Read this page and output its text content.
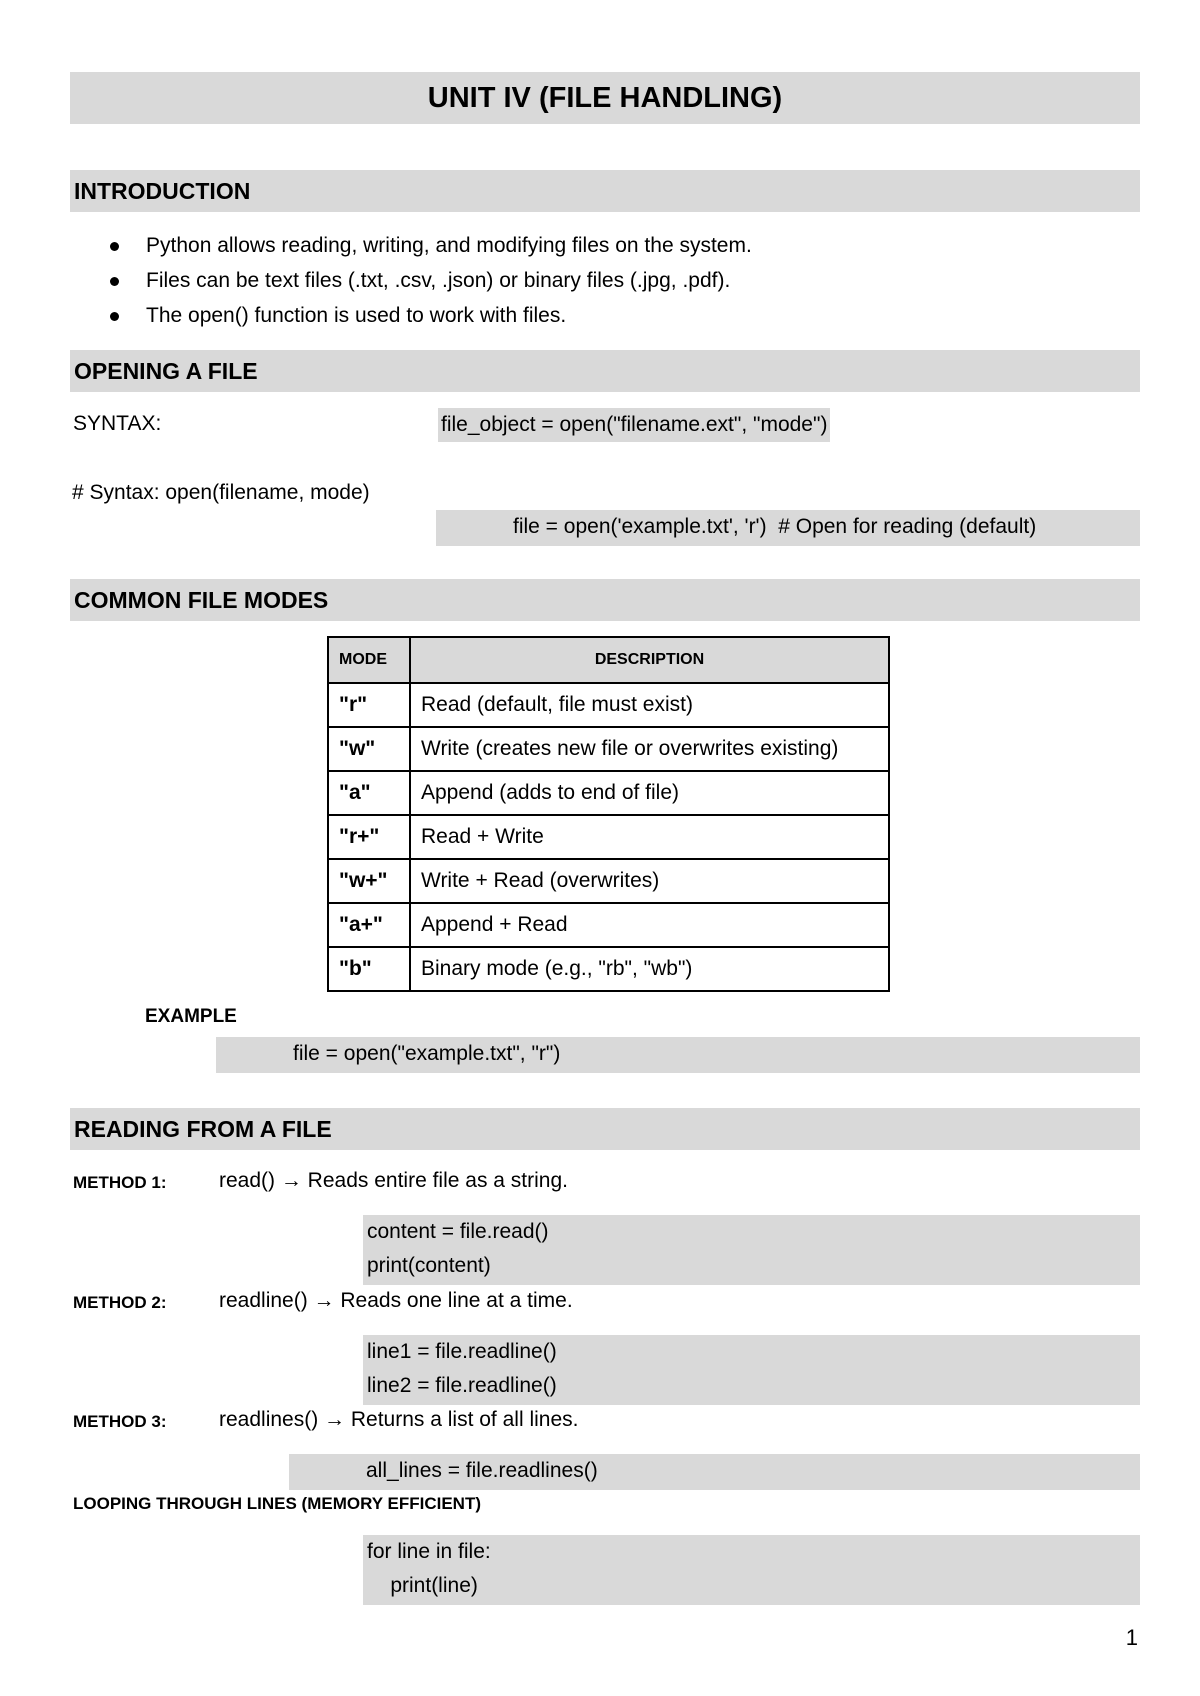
UNIT IV (FILE HANDLING)
INTRODUCTION
Python allows reading, writing, and modifying files on the system.
Files can be text files (.txt, .csv, .json) or binary files (.jpg, .pdf).
The open() function is used to work with files.
OPENING A FILE
SYNTAX:	file_object = open("filename.ext", "mode")
# Syntax: open(filename, mode)
file = open('example.txt', 'r')  # Open for reading (default)
COMMON FILE MODES
MODE	DESCRIPTION
"r"	Read (default, file must exist)
"w"	Write (creates new file or overwrites existing)
"a"	Append (adds to end of file)
"r+"	Read + Write
"w+"	Write + Read (overwrites)
"a+"	Append + Read
"b"	Binary mode (e.g., "rb", "wb")
EXAMPLE
file = open("example.txt", "r")
READING FROM A FILE
METHOD 1:	read() → Reads entire file as a string.
content = file.read()
print(content)
METHOD 2:	readline() → Reads one line at a time.
line1 = file.readline()
line2 = file.readline()
METHOD 3:	readlines() → Returns a list of all lines.
all_lines = file.readlines()
LOOPING THROUGH LINES (MEMORY EFFICIENT)
for line in file:
print(line)
1
